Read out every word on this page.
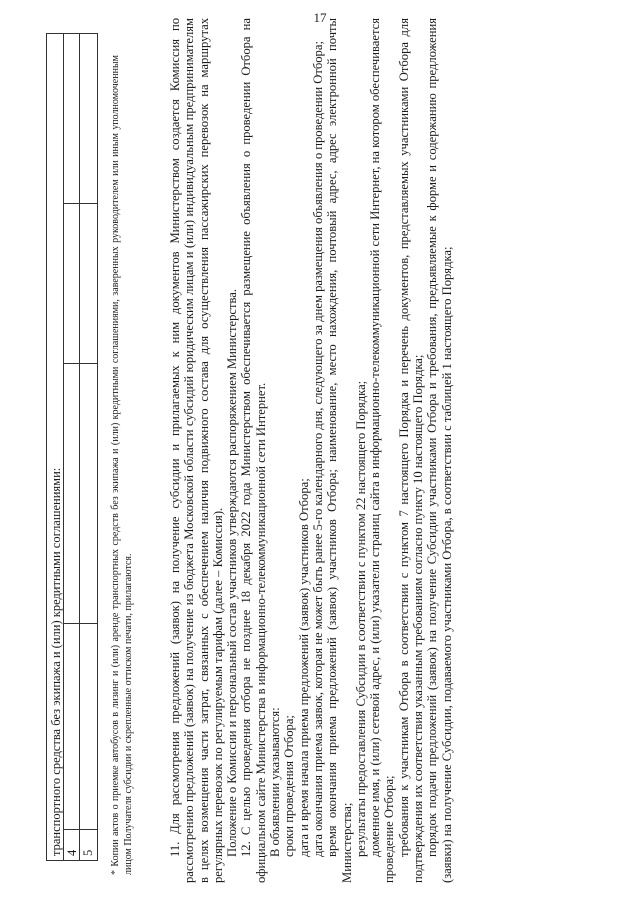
17
транспортного средства без экипажа и (или) кредитными соглашениями: 4 5 * Копии актов о приемке автобусов в лизинг и (или) аренде транспортных средств без экипажа и (или) кредитными соглашениями, заверенных руководителем или иным уполномоченным лицом Получателя субсидии и скрепленные оттиском печати, прилагаются.	11. Для рассмотрения предложений (заявок) на получение субсидии и прилагаемых к ним документов Министерством создается Комиссия по рассмотрению предложений (заявок) на получение из бюджета Московской области субсидий юридическим лицам и (или) индивидуальным предпринимателям в целях возмещения части затрат, связанных с обеспечением наличия подвижного состава для осуществления пассажирских перевозок на маршрутах регулярных перевозок по регулируемым тарифам (далее – Комиссия). Положение о Комиссии и персональный состав участников утверждаются распоряжением Министерства. 12. С целью проведения отбора не позднее 18 декабря 2022 года Министерством обеспечивается размещение объявления о проведении Отбора на официальном сайте Министерства в информационно-телекоммуникационной сети Интернет. В объявлении указываются: сроки проведения Отбора; дата и время начала приема предложений (заявок) участников Отбора; дата окончания приема заявок, которая не может быть ранее 5-го календарного дня, следующего за днем размещения объявления о проведении Отбора; время окончания приема предложений (заявок) участников Отбора; наименование, место нахождения, почтовый адрес, адрес электронной почты Министерства; результаты предоставления Субсидии в соответствии с пунктом 22 настоящего Порядка; доменное имя, и (или) сетевой адрес, и (или) указатели страниц сайта в информационно-телекоммуникационной сети Интернет, на котором обеспечивается проведение Отбора; требования к участникам Отбора в соответствии с пунктом 7 настоящего Порядка и перечень документов, представляемых участниками Отбора для подтверждения их соответствия указанным требованиям согласно пункту 10 настоящего Порядка; порядок подачи предложений (заявок) на получение Субсидии участниками Отбора и требования, предъявляемые к форме и содержанию предложения (заявки) на получение Субсидии, подаваемого участниками Отбора, в соответствии с таблицей 1 настоящего Порядка;
